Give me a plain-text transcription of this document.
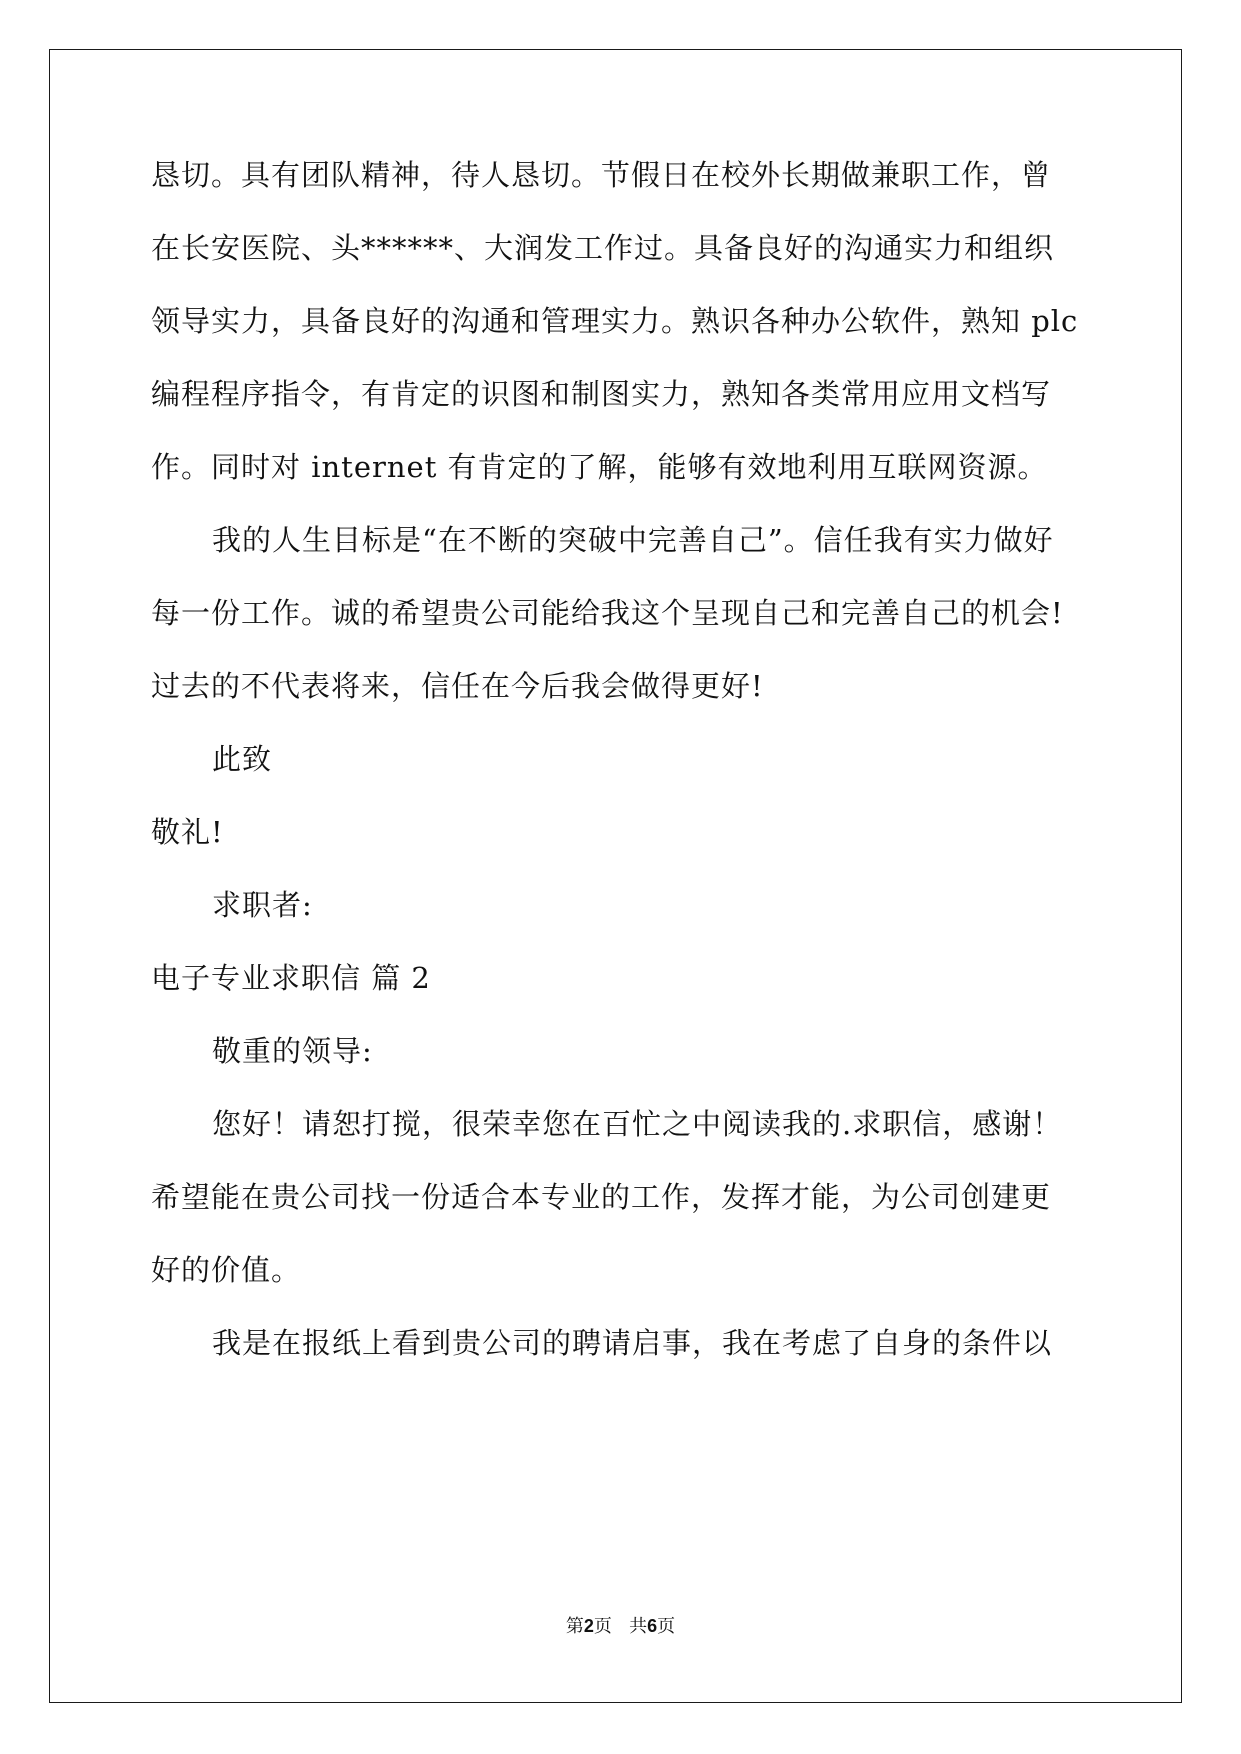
恳切。具有团队精神，待人恳切。节假日在校外长期做兼职工作，曾
在长安医院、头******、大润发工作过。具备良好的沟通实力和组织
领导实力，具备良好的沟通和管理实力。熟识各种办公软件，熟知 plc
编程程序指令，有肯定的识图和制图实力，熟知各类常用应用文档写
作。同时对 internet 有肯定的了解，能够有效地利用互联网资源。
我的人生目标是“在不断的突破中完善自己”。信任我有实力做好
每一份工作。诚的希望贵公司能给我这个呈现自己和完善自己的机会!
过去的不代表将来，信任在今后我会做得更好!
此致
敬礼!
求职者:
电子专业求职信 篇 2
敬重的领导:
您好！请恕打搅，很荣幸您在百忙之中阅读我的.求职信，感谢！
希望能在贵公司找一份适合本专业的工作，发挥才能，为公司创建更
好的价值。
我是在报纸上看到贵公司的聘请启事，我在考虑了自身的条件以
第2页 共6页
